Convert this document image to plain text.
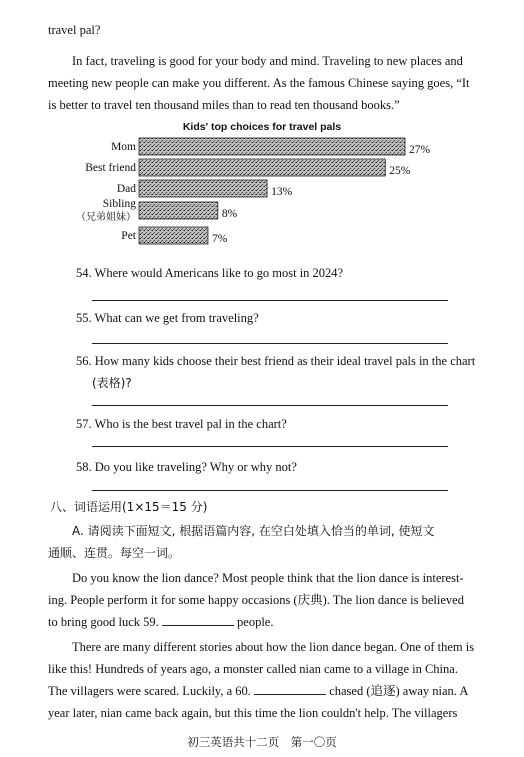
travel pal?
In fact, traveling is good for your body and mind. Traveling to new places and
meeting new people can make you different. As the famous Chinese saying goes, “It
is better to travel ten thousand miles than to read ten thousand books.”
Kids' top choices for travel pals
Mom	27%
Best friend	25%
Dad	13%
Sibling
（兄弟姐妹）	8%
Pet	7%
54. Where would Americans like to go most in 2024?
55. What can we get from traveling?
56. How many kids choose their best friend as their ideal travel pals in the chart
(表格)?
57. Who is the best travel pal in the chart?
58. Do you like traveling? Why or why not?
八、词语运用(1×15＝15 分)
A. 请阅读下面短文, 根据语篇内容, 在空白处填入恰当的单词, 使短文
通顺、连贯。每空一词。
Do you know the lion dance? Most people think that the lion dance is interest-
ing. People perform it for some happy occasions (庆典). The lion dance is believed
to bring good luck 59.	people.
There are many different stories about how the lion dance began. One of them is
like this! Hundreds of years ago, a monster called nian came to a village in China.
The villagers were scared. Luckily, a 60.	chased (追逐) away nian. A
year later, nian came back again, but this time the lion couldn't help. The villagers
初三英语共十二页　第一〇页
